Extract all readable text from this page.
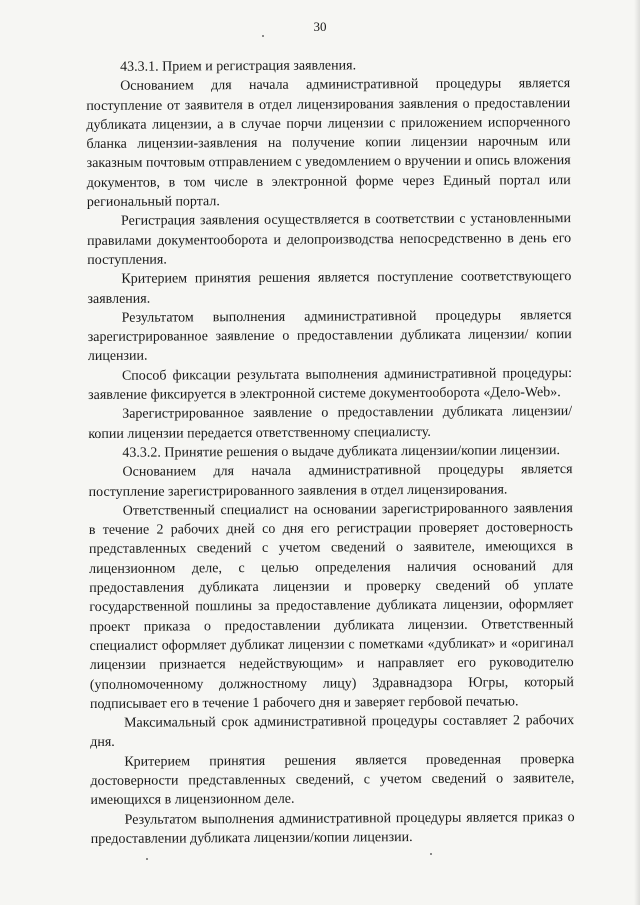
30

43.3.1. Прием и регистрация заявления.

Основанием для начала административной процедуры является поступление от заявителя в отдел лицензирования заявления о предоставлении дубликата лицензии, а в случае порчи лицензии с приложением испорченного бланка лицензии-заявления на получение копии лицензии нарочным или заказным почтовым отправлением с уведомлением о вручении и опись вложения документов, в том числе в электронной форме через Единый портал или региональный портал.

Регистрация заявления осуществляется в соответствии с установленными правилами документооборота и делопроизводства непосредственно в день его поступления.

Критерием принятия решения является поступление соответствующего заявления.

Результатом выполнения административной процедуры является зарегистрированное заявление о предоставлении дубликата лицензии/ копии лицензии.

Способ фиксации результата выполнения административной процедуры: заявление фиксируется в электронной системе документооборота «Дело-Web».

Зарегистрированное заявление о предоставлении дубликата лицензии/ копии лицензии передается ответственному специалисту.

43.3.2. Принятие решения о выдаче дубликата лицензии/копии лицензии.

Основанием для начала административной процедуры является поступление зарегистрированного заявления в отдел лицензирования.

Ответственный специалист на основании зарегистрированного заявления в течение 2 рабочих дней со дня его регистрации проверяет достоверность представленных сведений с учетом сведений о заявителе, имеющихся в лицензионном деле, с целью определения наличия оснований для предоставления дубликата лицензии и проверку сведений об уплате государственной пошлины за предоставление дубликата лицензии, оформляет проект приказа о предоставлении дубликата лицензии. Ответственный специалист оформляет дубликат лицензии с пометками «дубликат» и «оригинал лицензии признается недействующим» и направляет его руководителю (уполномоченному должностному лицу) Здравнадзора Югры, который подписывает его в течение 1 рабочего дня и заверяет гербовой печатью.

Максимальный срок административной процедуры составляет 2 рабочих дня.

Критерием принятия решения является проведенная проверка достоверности представленных сведений, с учетом сведений о заявителе, имеющихся в лицензионном деле.

Результатом выполнения административной процедуры является приказ о предоставлении дубликата лицензии/копии лицензии.
